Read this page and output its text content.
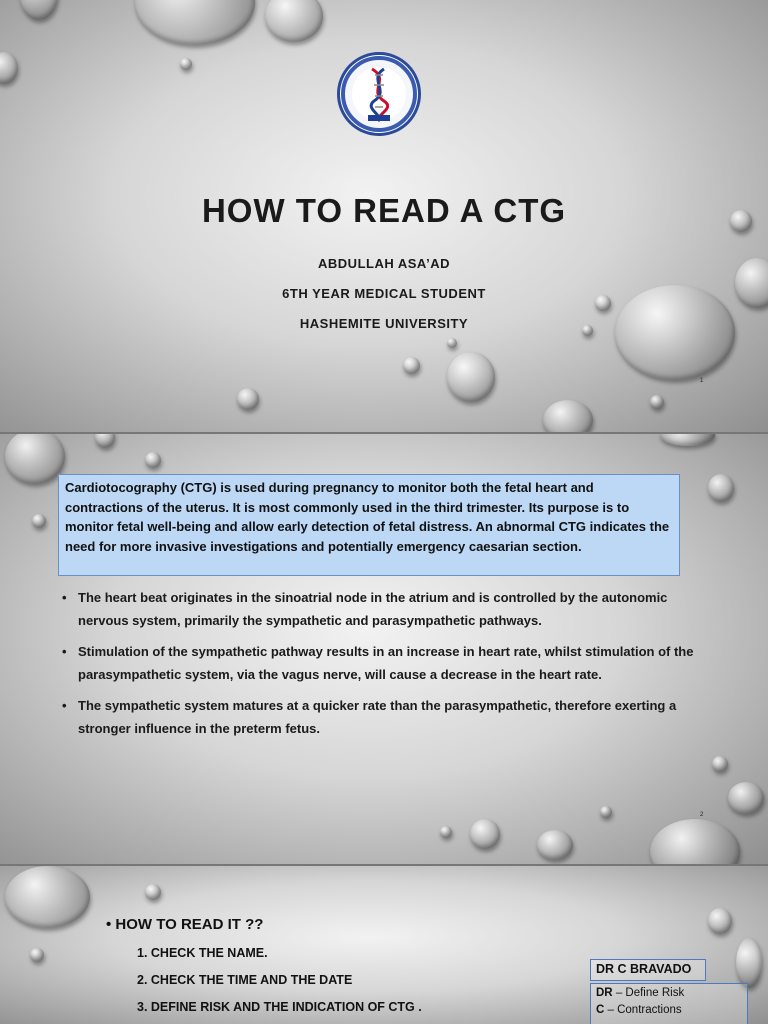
HOW TO READ A CTG
ABDULLAH ASA’AD
6TH YEAR MEDICAL STUDENT
HASHEMITE UNIVERSITY
1
Cardiotocography (CTG) is used during pregnancy to monitor both the fetal heart and contractions of the uterus. It is most commonly used in the third trimester. Its purpose is to monitor fetal well-being and allow early detection of fetal distress. An abnormal CTG indicates the need for more invasive investigations and potentially emergency caesarian section.
• The heart beat originates in the sinoatrial node in the atrium and is controlled by the autonomic nervous system, primarily the sympathetic and parasympathetic pathways.
• Stimulation of the sympathetic pathway results in an increase in heart rate, whilst stimulation of the parasympathetic system, via the vagus nerve, will cause a decrease in the heart rate.
• The sympathetic system matures at a quicker rate than the parasympathetic, therefore exerting a stronger influence in the preterm fetus.
2
• HOW TO READ IT ??
1. CHECK THE NAME.
2. CHECK THE TIME AND THE DATE
3. DEFINE RISK AND THE INDICATION OF CTG .
DR C BRAVADO
DR – Define Risk
C – Contractions
